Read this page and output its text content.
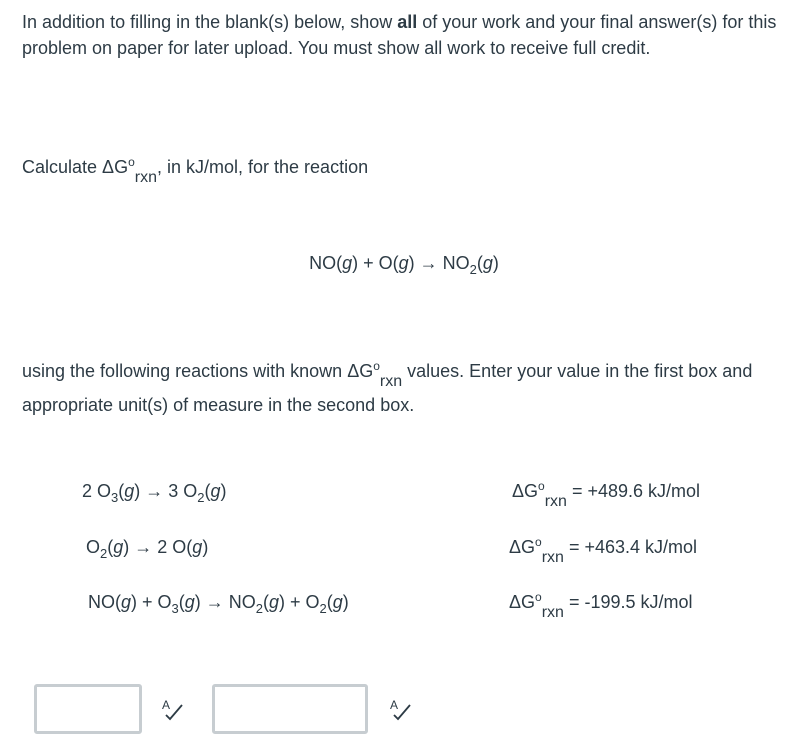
In addition to filling in the blank(s) below, show all of your work and your final answer(s) for this problem on paper for later upload. You must show all work to receive full credit.
Calculate $\Delta G^orxn$, in kJ/mol, for the reaction
$NO(g) + O(g) \to NO_2(g)$
using the following reactions with known $\Delta G^orxn$ values. Enter your value in the first box and appropriate unit(s) of measure in the second box.
2 $O_3(g) \to 3$ $O_2(g)$	$\Delta G^orxn = +489.6$ kJ/mol
$O_2(g) \to 2$ O(g)	$\Delta G^orxn = +463.4$ kJ/mol
$NO(g) + O_3(g) \to NO_2(g) + O_2(g)$	$\Delta G^orxn = -199.5$ kJ/mol
A	A
